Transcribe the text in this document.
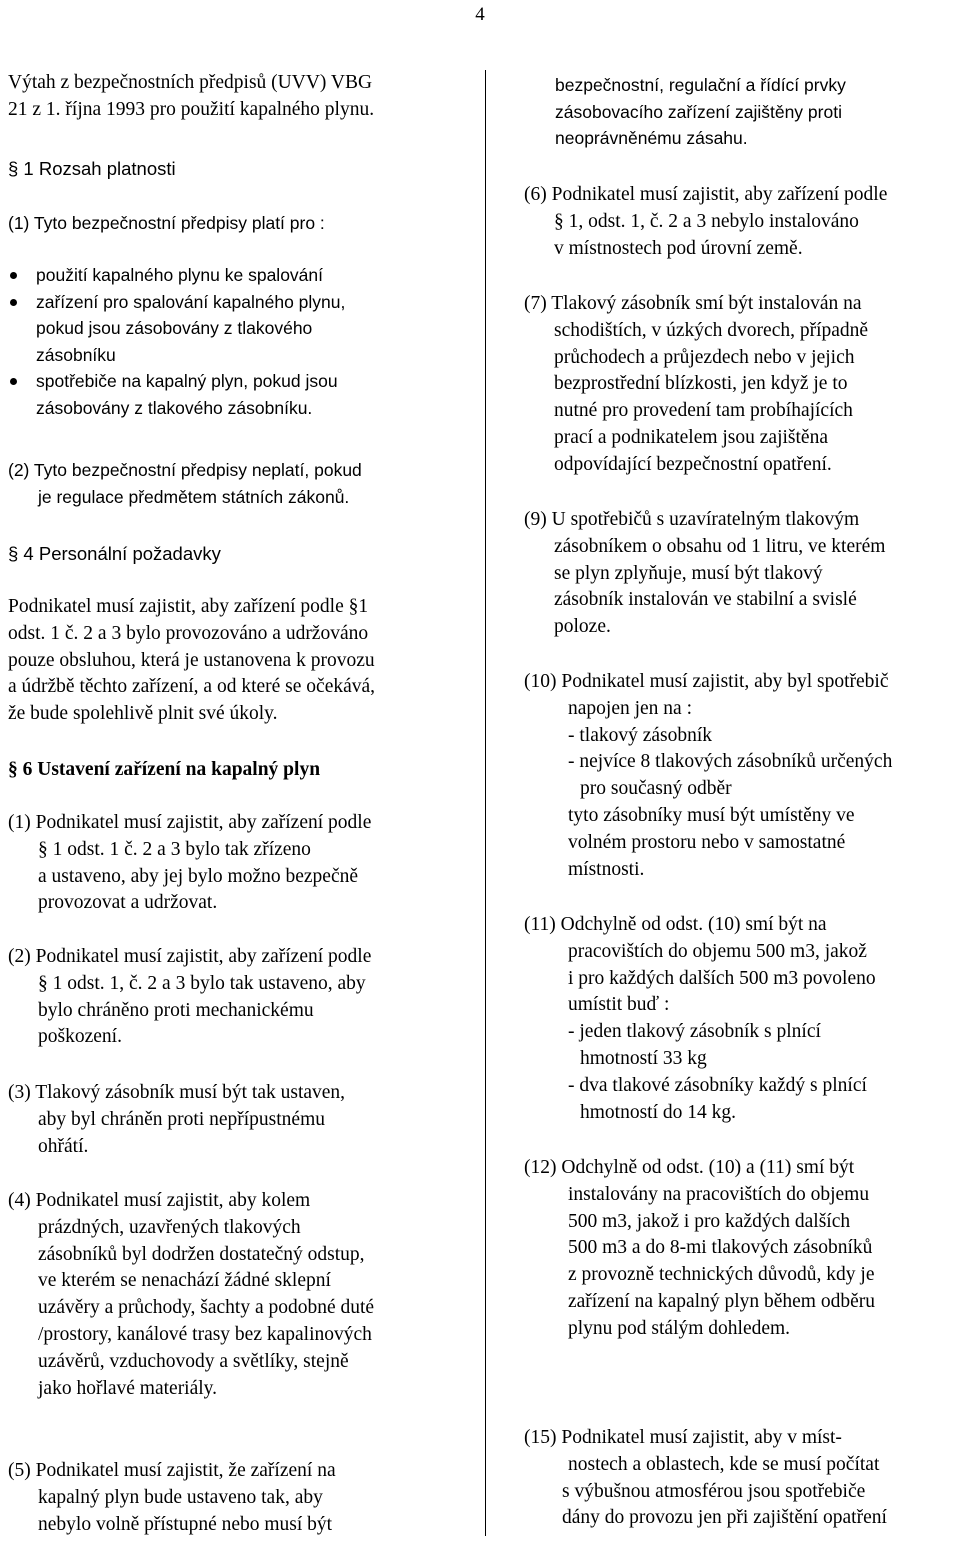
4
Výtah z bezpečnostních předpisů (UVV) VBG
21 z 1. října 1993 pro použití kapalného plynu.
§ 1 Rozsah platnosti
(1) Tyto bezpečnostní předpisy platí pro :
použití kapalného plynu ke spalování
zařízení pro spalování kapalného plynu,
pokud jsou zásobovány z tlakového
zásobníku
spotřebiče na kapalný plyn, pokud jsou
zásobovány z tlakového zásobníku.
(2) Tyto bezpečnostní předpisy neplatí, pokud
je regulace předmětem státních zákonů.
§ 4 Personální požadavky
Podnikatel musí zajistit, aby zařízení podle §1
odst. 1 č. 2 a 3 bylo provozováno a udržováno
pouze obsluhou, která je ustanovena k provozu
a údržbě těchto zařízení, a od které se očekává,
že bude spolehlivě plnit své úkoly.
§ 6 Ustavení zařízení na kapalný plyn
(1) Podnikatel musí zajistit, aby zařízení podle
§ 1 odst. 1 č. 2 a 3 bylo tak zřízeno
a ustaveno, aby jej bylo možno bezpečně
provozovat a udržovat.
(2) Podnikatel musí zajistit, aby zařízení podle
§ 1 odst. 1, č. 2 a 3 bylo tak ustaveno, aby
bylo chráněno proti mechanickému
poškození.
(3) Tlakový zásobník musí být tak ustaven,
aby byl chráněn proti nepřípustnému
ohřátí.
(4) Podnikatel musí zajistit, aby kolem
prázdných, uzavřených tlakových
zásobníků byl dodržen dostatečný odstup,
ve kterém se nenachází žádné sklepní
uzávěry a průchody, šachty a podobné duté
/prostory, kanálové trasy bez kapalinových
uzávěrů, vzduchovody a světlíky, stejně
jako hořlavé materiály.
(5) Podnikatel musí zajistit, že zařízení na
kapalný plyn bude ustaveno tak, aby
nebylo volně přístupné nebo musí být
bezpečnostní, regulační a řídící prvky
zásobovacího zařízení zajištěny proti
neoprávněnému zásahu.
(6) Podnikatel musí zajistit, aby zařízení podle
§ 1, odst. 1, č. 2 a 3 nebylo instalováno
v místnostech pod úrovní země.
(7) Tlakový zásobník smí být instalován na
schodištích, v úzkých dvorech, případně
průchodech a průjezdech nebo v jejich
bezprostřední blízkosti, jen když je to
nutné pro provedení tam probíhajících
prací a podnikatelem jsou zajištěna
odpovídající bezpečnostní opatření.
(9) U spotřebičů s uzavíratelným tlakovým
zásobníkem o obsahu od 1 litru, ve kterém
se plyn zplyňuje, musí být tlakový
zásobník instalován ve stabilní a svislé
poloze.
(10) Podnikatel musí zajistit, aby byl spotřebič
napojen jen na :
- tlakový zásobník
- nejvíce 8 tlakových zásobníků určených
pro současný odběr
tyto zásobníky musí být umístěny ve
volném prostoru nebo v samostatné
místnosti.
(11) Odchylně od odst. (10) smí být na
pracovištích do objemu 500 m3, jakož
i pro každých dalších 500 m3 povoleno
umístit buď :
- jeden tlakový zásobník s plnící
hmotností 33 kg
- dva tlakové zásobníky každý s plnící
hmotností do 14 kg.
(12) Odchylně od odst. (10) a (11) smí být
instalovány na pracovištích do objemu
500 m3, jakož i pro každých dalších
500 m3 a do 8-mi tlakových zásobníků
z provozně technických důvodů, kdy je
zařízení na kapalný plyn během odběru
plynu pod stálým dohledem.
(15) Podnikatel musí zajistit, aby v míst-
nostech a oblastech, kde se musí počítat
s výbušnou atmosférou jsou spotřebiče
dány do provozu jen při zajištění opatření
